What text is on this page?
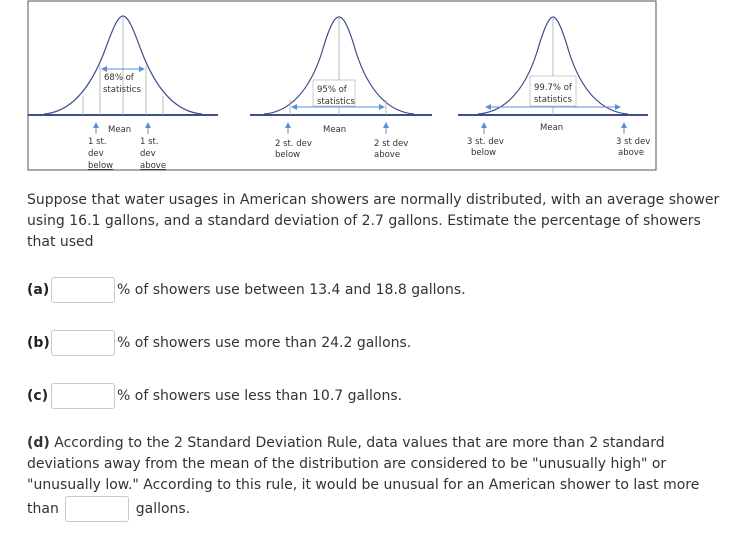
68% of
statistics
Mean
1 st.
dev
below
1 st.
dev
above
95% of
statistics
Mean
2 st. dev
below
2 st dev
above
99.7% of
statistics
Mean
3 st. dev
below
3 st dev
above
Suppose that water usages in American showers are normally distributed, with an average shower using 16.1 gallons, and a standard deviation of 2.7 gallons. Estimate the percentage of showers that used
(a)	% of showers use between 13.4 and 18.8 gallons.
(b)	% of showers use more than 24.2 gallons.
(c)	% of showers use less than 10.7 gallons.
(d) According to the 2 Standard Deviation Rule, data values that are more than 2 standard deviations away from the mean of the distribution are considered to be "unusually high" or "unusually low." According to this rule, it would be unusual for an American shower to last more than	gallons.
